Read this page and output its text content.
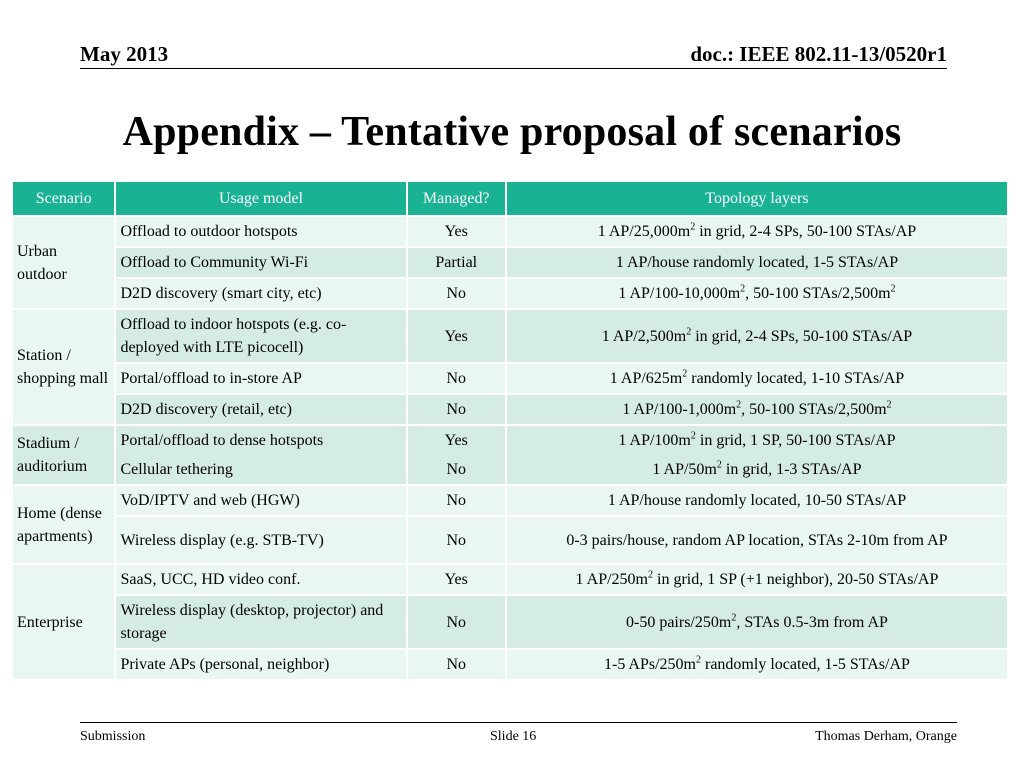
May 2013	doc.: IEEE 802.11-13/0520r1
Appendix – Tentative proposal of scenarios
Scenario	Usage model	Managed?	Topology layers
Urban outdoor	Offload to outdoor hotspots	Yes	1 $AP/25,000m^2$ in grid, 2-4 SPs, 50-100 STAs/AP
	Offload to Community Wi-Fi	Partial	1 AP/house randomly located, 1-5 STAs/AP
	D2D discovery (smart city, etc)	No	1 $AP/100-10,000m^2$, 50-100 STAs/$2,500m^2$
Station / shopping mall	Offload to indoor hotspots (e.g. co-deployed with LTE picocell)	Yes	1 $AP/2,500m^2$ in grid, 2-4 SPs, 50-100 STAs/AP
	Portal/offload to in-store AP	No	1 $AP/625m^2$ randomly located, 1-10 STAs/AP
	D2D discovery (retail, etc)	No	1 $AP/100-1,000m^2$, 50-100 STAs/$2,500m^2$
Stadium / auditorium	Portal/offload to dense hotspots	Yes	1 $AP/100m^2$ in grid, 1 SP, 50-100 STAs/AP
	Cellular tethering	No	1 $AP/50m^2$ in grid, 1-3 STAs/AP
Home (dense apartments)	VoD/IPTV and web (HGW)	No	1 AP/house randomly located, 10-50 STAs/AP
	Wireless display (e.g. STB-TV)	No	0-3 pairs/house, random AP location, STAs 2-10m from AP
Enterprise	SaaS, UCC, HD video conf.	Yes	1 $AP/250m^2$ in grid, 1 SP (+1 neighbor), 20-50 STAs/AP
	Wireless display (desktop, projector) and storage	No	0-50 pairs/$250m^2$, STAs 0.5-3m from AP
	Private APs (personal, neighbor)	No	1-5 APs/$250m^2$ randomly located, 1-5 STAs/AP
Submission	Slide 16	Thomas Derham, Orange
